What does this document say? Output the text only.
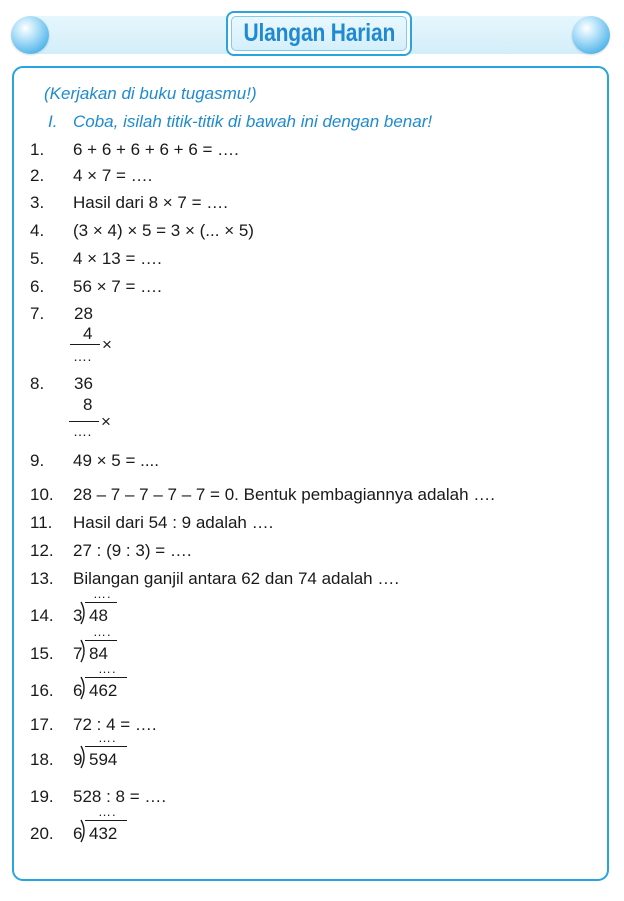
Ulangan Harian
(Kerjakan di buku tugasmu!)
I. Coba, isilah titik-titik di bawah ini dengan benar!
1.	6 + 6 + 6 + 6 + 6 = ….
2.	4 × 7 = ….
3.	Hasil dari 8 × 7 = ….
4.	(3 × 4) × 5 = 3 × (... × 5)
5.	4 × 13 = ….
6.	56 × 7 = ….
7.	28
4
×
….
8.	36
8
×
….
9.	49 × 5 = ....
10. 28 – 7 – 7 – 7 – 7 = 0. Bentuk pembagiannya adalah ….
11.	Hasil dari 54 : 9 adalah ….
12. 27 : (9 : 3) = ….
13. Bilangan ganjil antara 62 dan 74 adalah ….
14.
….
3 48
15.
….
7 84
16.
….
6 462
17. 72 : 4 = ….
18.
….
9 594
19. 528 : 8 = ….
20.
….
6 432
